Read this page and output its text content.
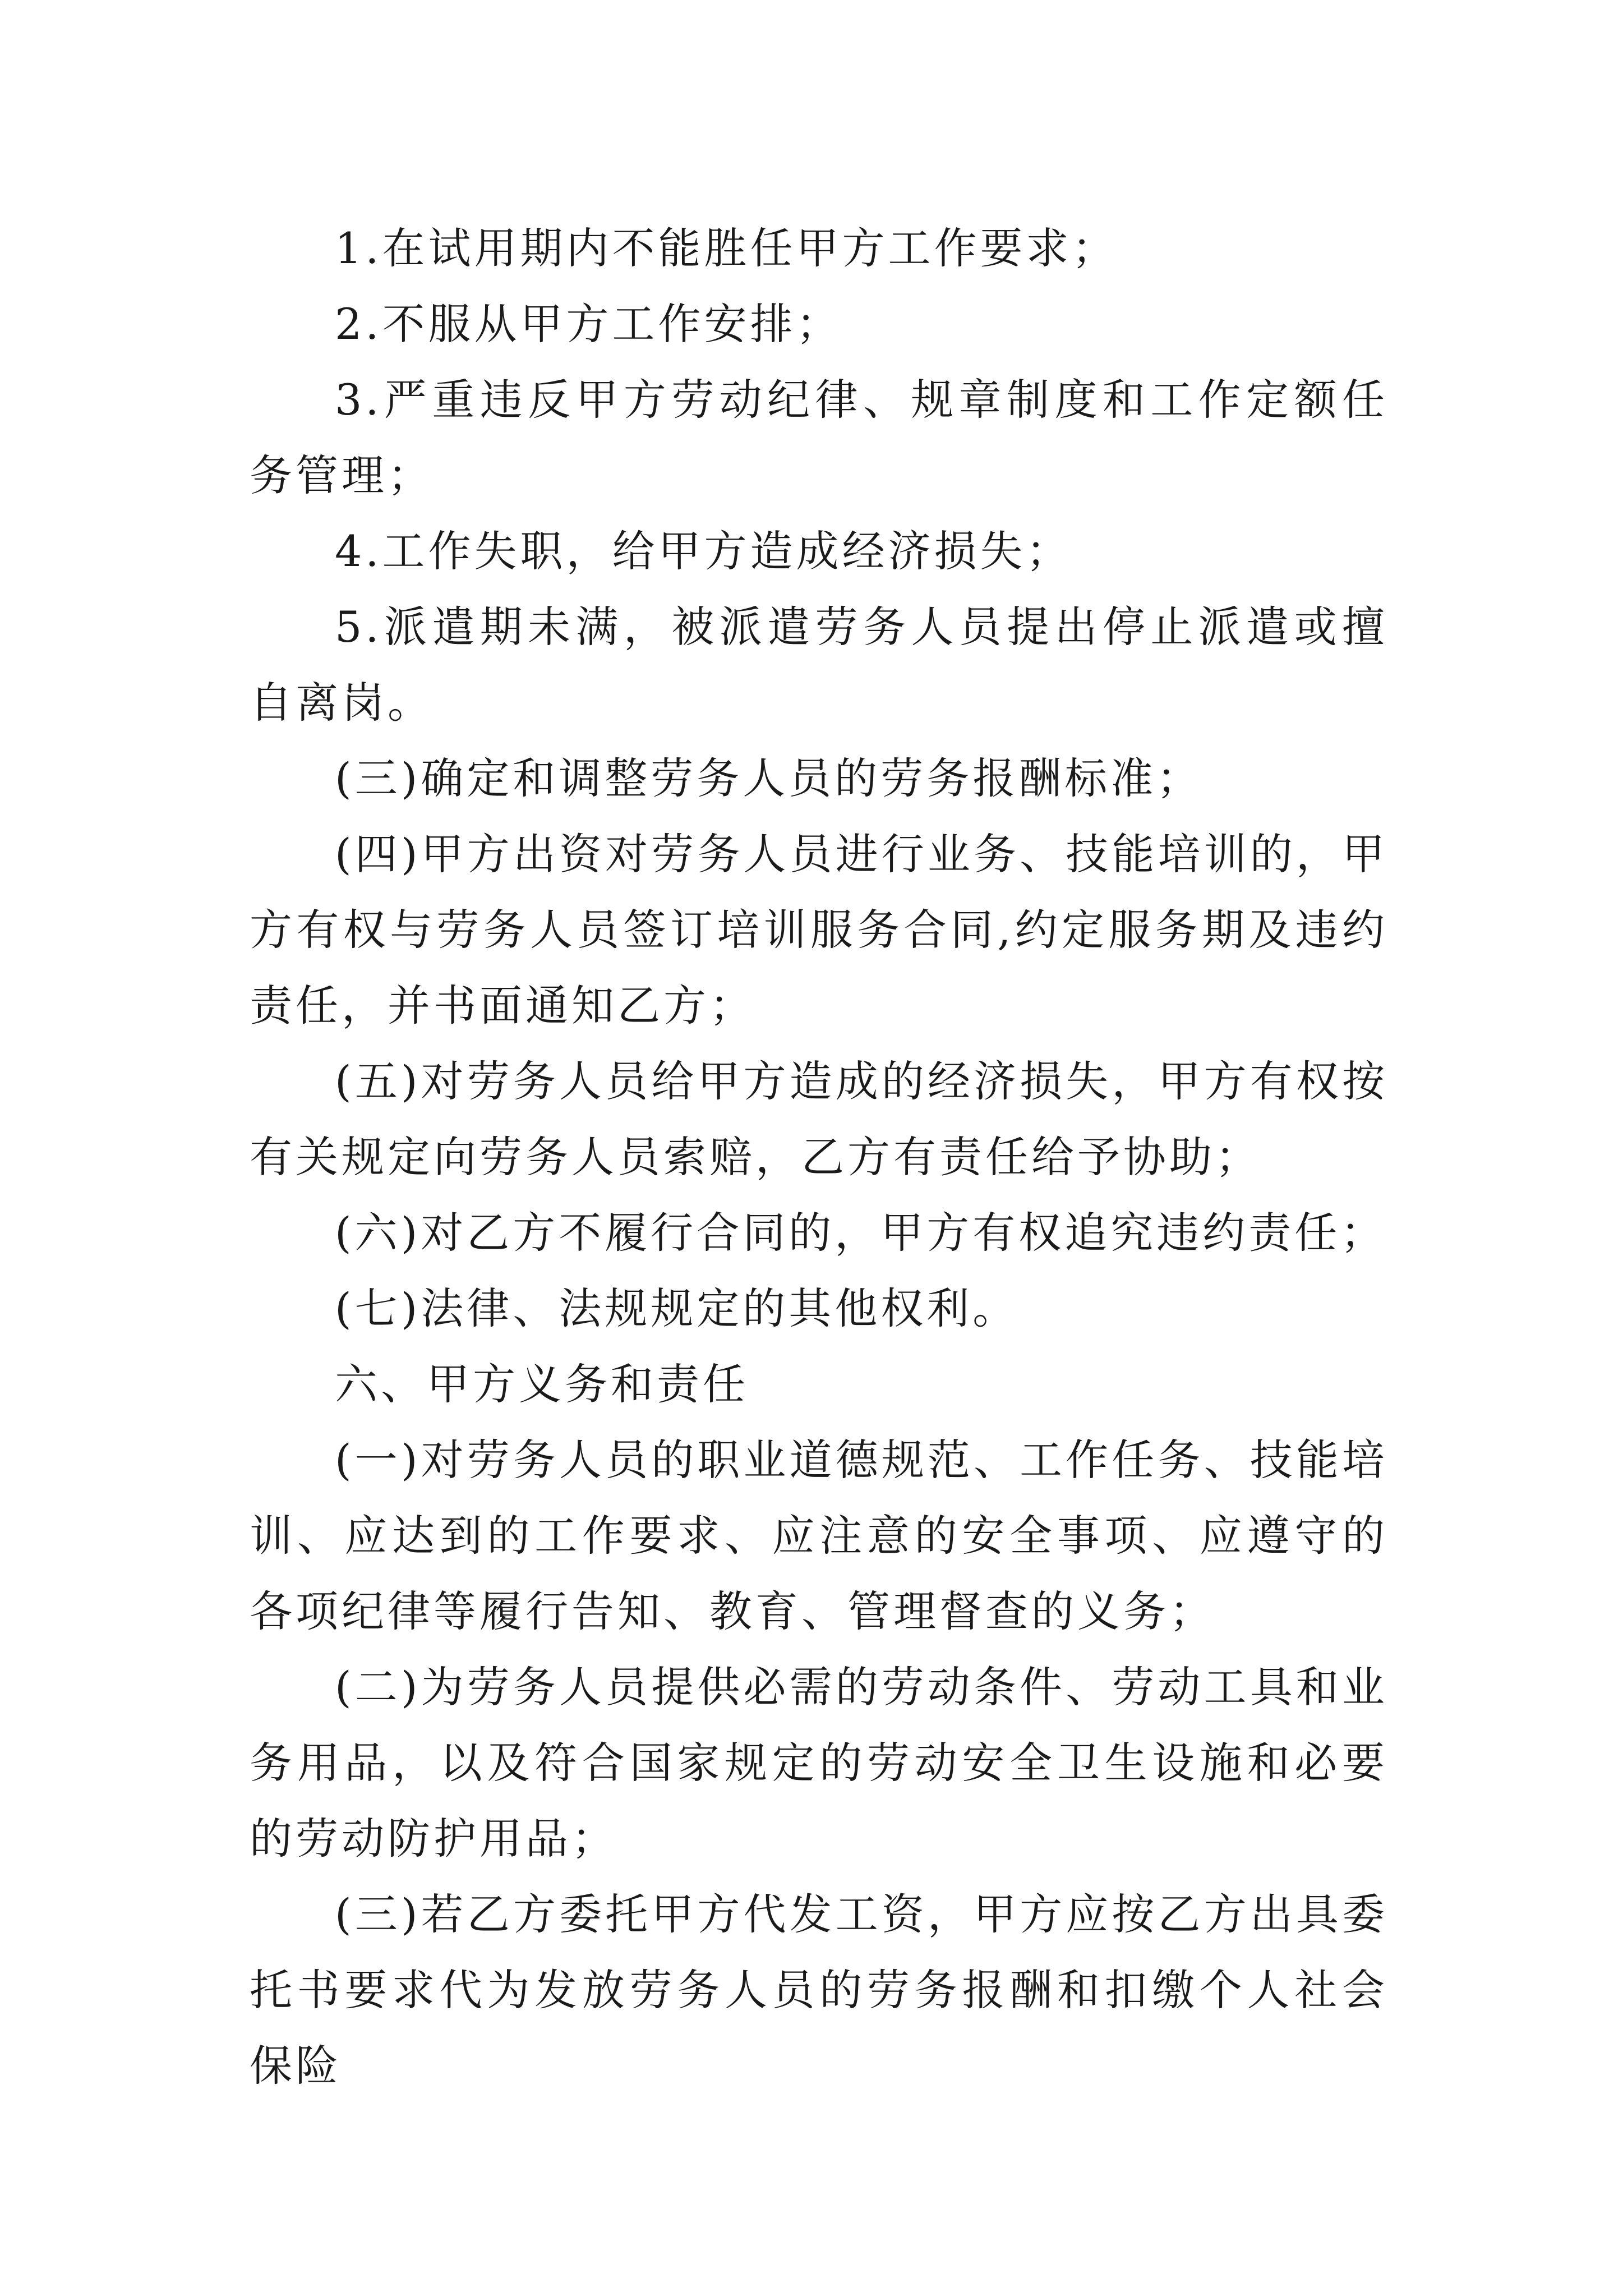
1.在试用期内不能胜任甲方工作要求；

2.不服从甲方工作安排；

3.严重违反甲方劳动纪律、规章制度和工作定额任务管理；

4.工作失职，给甲方造成经济损失；

5.派遣期未满，被派遣劳务人员提出停止派遣或擅自离岗。

(三)确定和调整劳务人员的劳务报酬标准；

(四)甲方出资对劳务人员进行业务、技能培训的，甲方有权与劳务人员签订培训服务合同,约定服务期及违约责任，并书面通知乙方；

(五)对劳务人员给甲方造成的经济损失，甲方有权按有关规定向劳务人员索赔，乙方有责任给予协助；

(六)对乙方不履行合同的，甲方有权追究违约责任；

(七)法律、法规规定的其他权利。

六、甲方义务和责任

(一)对劳务人员的职业道德规范、工作任务、技能培训、应达到的工作要求、应注意的安全事项、应遵守的各项纪律等履行告知、教育、管理督查的义务；

(二)为劳务人员提供必需的劳动条件、劳动工具和业务用品，以及符合国家规定的劳动安全卫生设施和必要的劳动防护用品；

(三)若乙方委托甲方代发工资，甲方应按乙方出具委托书要求代为发放劳务人员的劳务报酬和扣缴个人社会保险
